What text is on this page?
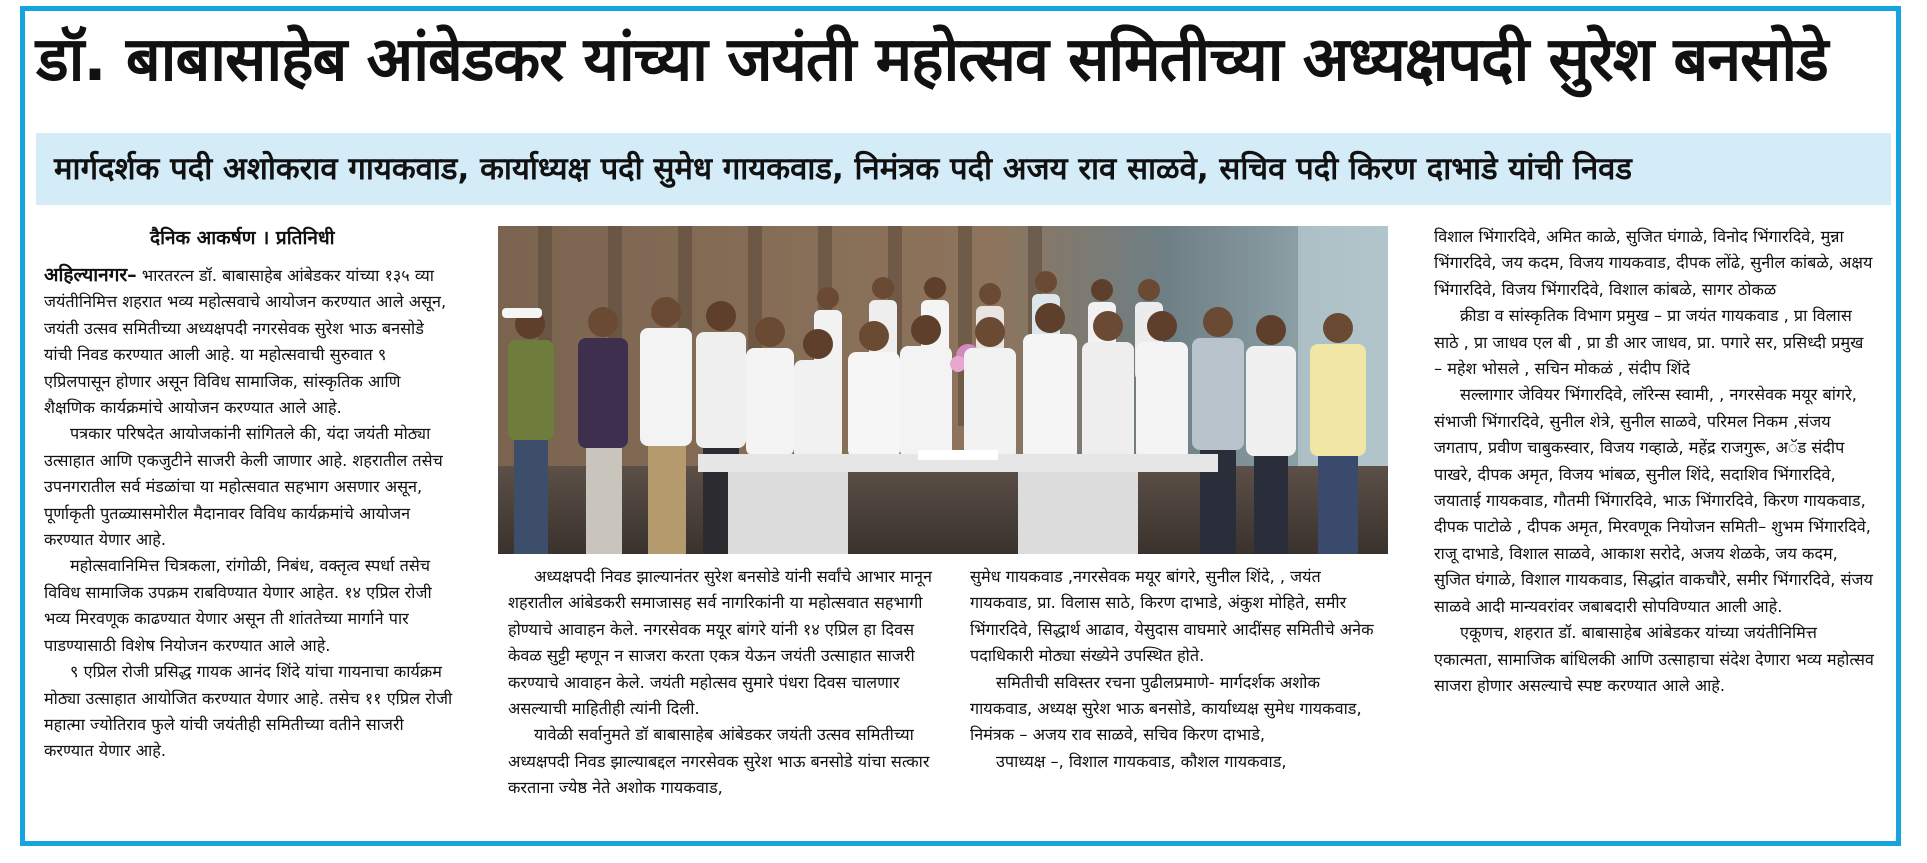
डॉ. बाबासाहेब आंबेडकर यांच्या जयंती महोत्सव समितीच्या अध्यक्षपदी सुरेश बनसोडे
मार्गदर्शक पदी अशोकराव गायकवाड, कार्याध्यक्ष पदी सुमेध गायकवाड, निमंत्रक पदी अजय राव साळवे, सचिव पदी किरण दाभाडे यांची निवड
दैनिक आकर्षण । प्रतिनिधी

अहिल्यानगर– भारतरत्न डॉ. बाबासाहेब आंबेडकर यांच्या १३५ व्या जयंतीनिमित्त शहरात भव्य महोत्सवाचे आयोजन करण्यात आले असून, जयंती उत्सव समितीच्या अध्यक्षपदी नगरसेवक सुरेश भाऊ बनसोडे यांची निवड करण्यात आली आहे. या महोत्सवाची सुरुवात ९ एप्रिलपासून होणार असून विविध सामाजिक, सांस्कृतिक आणि शैक्षणिक कार्यक्रमांचे आयोजन करण्यात आले आहे.

पत्रकार परिषदेत आयोजकांनी सांगितले की, यंदा जयंती मोठ्या उत्साहात आणि एकजुटीने साजरी केली जाणार आहे. शहरातील तसेच उपनगरातील सर्व मंडळांचा या महोत्सवात सहभाग असणार असून, पूर्णाकृती पुतळ्यासमोरील मैदानावर विविध कार्यक्रमांचे आयोजन करण्यात येणार आहे.

महोत्सवानिमित्त चित्रकला, रांगोळी, निबंध, वक्तृत्व स्पर्धा तसेच विविध सामाजिक उपक्रम राबविण्यात येणार आहेत. १४ एप्रिल रोजी भव्य मिरवणूक काढण्यात येणार असून ती शांततेच्या मार्गाने पार पाडण्यासाठी विशेष नियोजन करण्यात आले आहे.

९ एप्रिल रोजी प्रसिद्ध गायक आनंद शिंदे यांचा गायनाचा कार्यक्रम मोठ्या उत्साहात आयोजित करण्यात येणार आहे. तसेच ११ एप्रिल रोजी महात्मा ज्योतिराव फुले यांची जयंतीही समितीच्या वतीने साजरी करण्यात येणार आहे.

अध्यक्षपदी निवड झाल्यानंतर सुरेश बनसोडे यांनी सर्वांचे आभार मानून शहरातील आंबेडकरी समाजासह सर्व नागरिकांनी या महोत्सवात सहभागी होण्याचे आवाहन केले. नगरसेवक मयूर बांगरे यांनी १४ एप्रिल हा दिवस केवळ सुट्टी म्हणून न साजरा करता एकत्र येऊन जयंती उत्साहात साजरी करण्याचे आवाहन केले. जयंती महोत्सव सुमारे पंधरा दिवस चालणार असल्याची माहितीही त्यांनी दिली.

यावेळी सर्वानुमते डॉ बाबासाहेब आंबेडकर जयंती उत्सव समितीच्या अध्यक्षपदी निवड झाल्याबद्दल नगरसेवक सुरेश भाऊ बनसोडे यांचा सत्कार करताना ज्येष्ठ नेते अशोक गायकवाड,

सुमेध गायकवाड ,नगरसेवक मयूर बांगरे, सुनील शिंदे, , जयंत गायकवाड, प्रा. विलास साठे, किरण दाभाडे, अंकुश मोहिते, समीर भिंगारदिवे, सिद्धार्थ आढाव, येसुदास वाघमारे आदींसह समितीचे अनेक पदाधिकारी मोठ्या संख्येने उपस्थित होते.

समितीची सविस्तर रचना पुढीलप्रमाणे- मार्गदर्शक अशोक गायकवाड, अध्यक्ष सुरेश भाऊ बनसोडे, कार्याध्यक्ष सुमेध गायकवाड, निमंत्रक – अजय राव साळवे, सचिव किरण दाभाडे,

उपाध्यक्ष –, विशाल गायकवाड, कौशल गायकवाड,

विशाल भिंगारदिवे, अमित काळे, सुजित घंगाळे, विनोद भिंगारदिवे, मुन्ना भिंगारदिवे, जय कदम, विजय गायकवाड, दीपक लोंढे, सुनील कांबळे, अक्षय भिंगारदिवे, विजय भिंगारदिवे, विशाल कांबळे, सागर ठोकळ

क्रीडा व सांस्कृतिक विभाग प्रमुख – प्रा जयंत गायकवाड , प्रा विलास साठे , प्रा जाधव एल बी , प्रा डी आर जाधव, प्रा. पगारे सर, प्रसिध्दी प्रमुख – महेश भोसले , सचिन मोकळं , संदीप शिंदे

सल्लागार जेवियर भिंगारदिवे, लॉरेन्स स्वामी, , नगरसेवक मयूर बांगरे, संभाजी भिंगारदिवे, सुनील शेत्रे, सुनील साळवे, परिमल निकम ,संजय जगताप, प्रवीण चाबुकस्वार, विजय गव्हाळे, महेंद्र राजगुरू, अॅड संदीप पाखरे, दीपक अमृत, विजय भांबळ, सुनील शिंदे, सदाशिव भिंगारदिवे, जयाताई गायकवाड, गौतमी भिंगारदिवे, भाऊ भिंगारदिवे, किरण गायकवाड, दीपक पाटोळे , दीपक अमृत, मिरवणूक नियोजन समिती– शुभम भिंगारदिवे, राजू दाभाडे, विशाल साळवे, आकाश सरोदे, अजय शेळके, जय कदम, सुजित घंगाळे, विशाल गायकवाड, सिद्धांत वाकचौरे, समीर भिंगारदिवे, संजय साळवे आदी मान्यवरांवर जबाबदारी सोपविण्यात आली आहे.

एकूणच, शहरात डॉ. बाबासाहेब आंबेडकर यांच्या जयंतीनिमित्त एकात्मता, सामाजिक बांधिलकी आणि उत्साहाचा संदेश देणारा भव्य महोत्सव साजरा होणार असल्याचे स्पष्ट करण्यात आले आहे.
